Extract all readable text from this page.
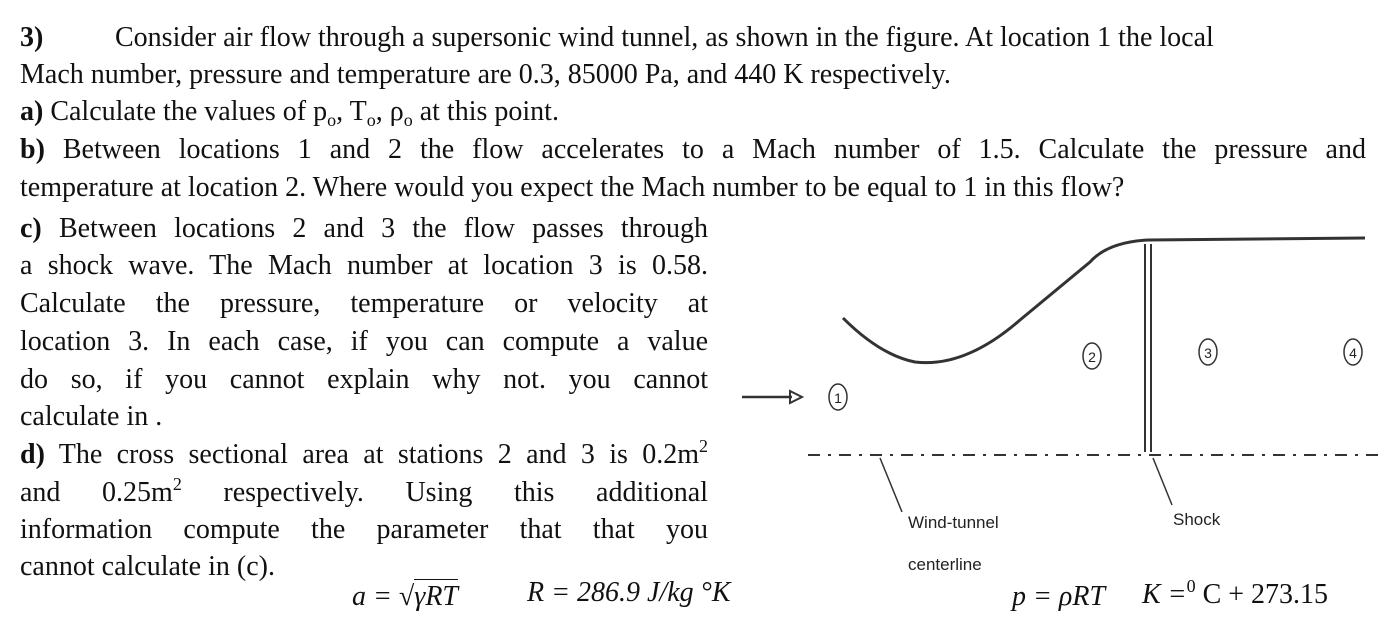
3)	Consider air flow through a supersonic wind tunnel, as shown in the figure. At location 1 the local
Mach number, pressure and temperature are 0.3, 85000 Pa, and 440 K respectively.
a) Calculate the values of $p_o$, $T_o$, $\rho_o$ at this point.
b) Between locations 1 and 2 the flow accelerates to a Mach number of 1.5. Calculate the pressure and
temperature at location 2. Where would you expect the Mach number to be equal to 1 in this flow?
c) Between locations 2 and 3 the flow passes through
a shock wave. The Mach number at location 3 is 0.58.
Calculate the pressure, temperature or velocity at
location 3. In each case, if you can compute a value
do so, if you cannot explain why not. you cannot
calculate in .
d) The cross sectional area at stations 2 and 3 is $0.2m^2$
and $0.25m^2$ respectively. Using this additional
information compute the parameter that that you
cannot calculate in (c).
a = √γRT R = 286.9 J/kg °K	p = ρRT K =$^0$ C + 273.15
1
2	3	4
Wind-tunnel
centerline
Shock
